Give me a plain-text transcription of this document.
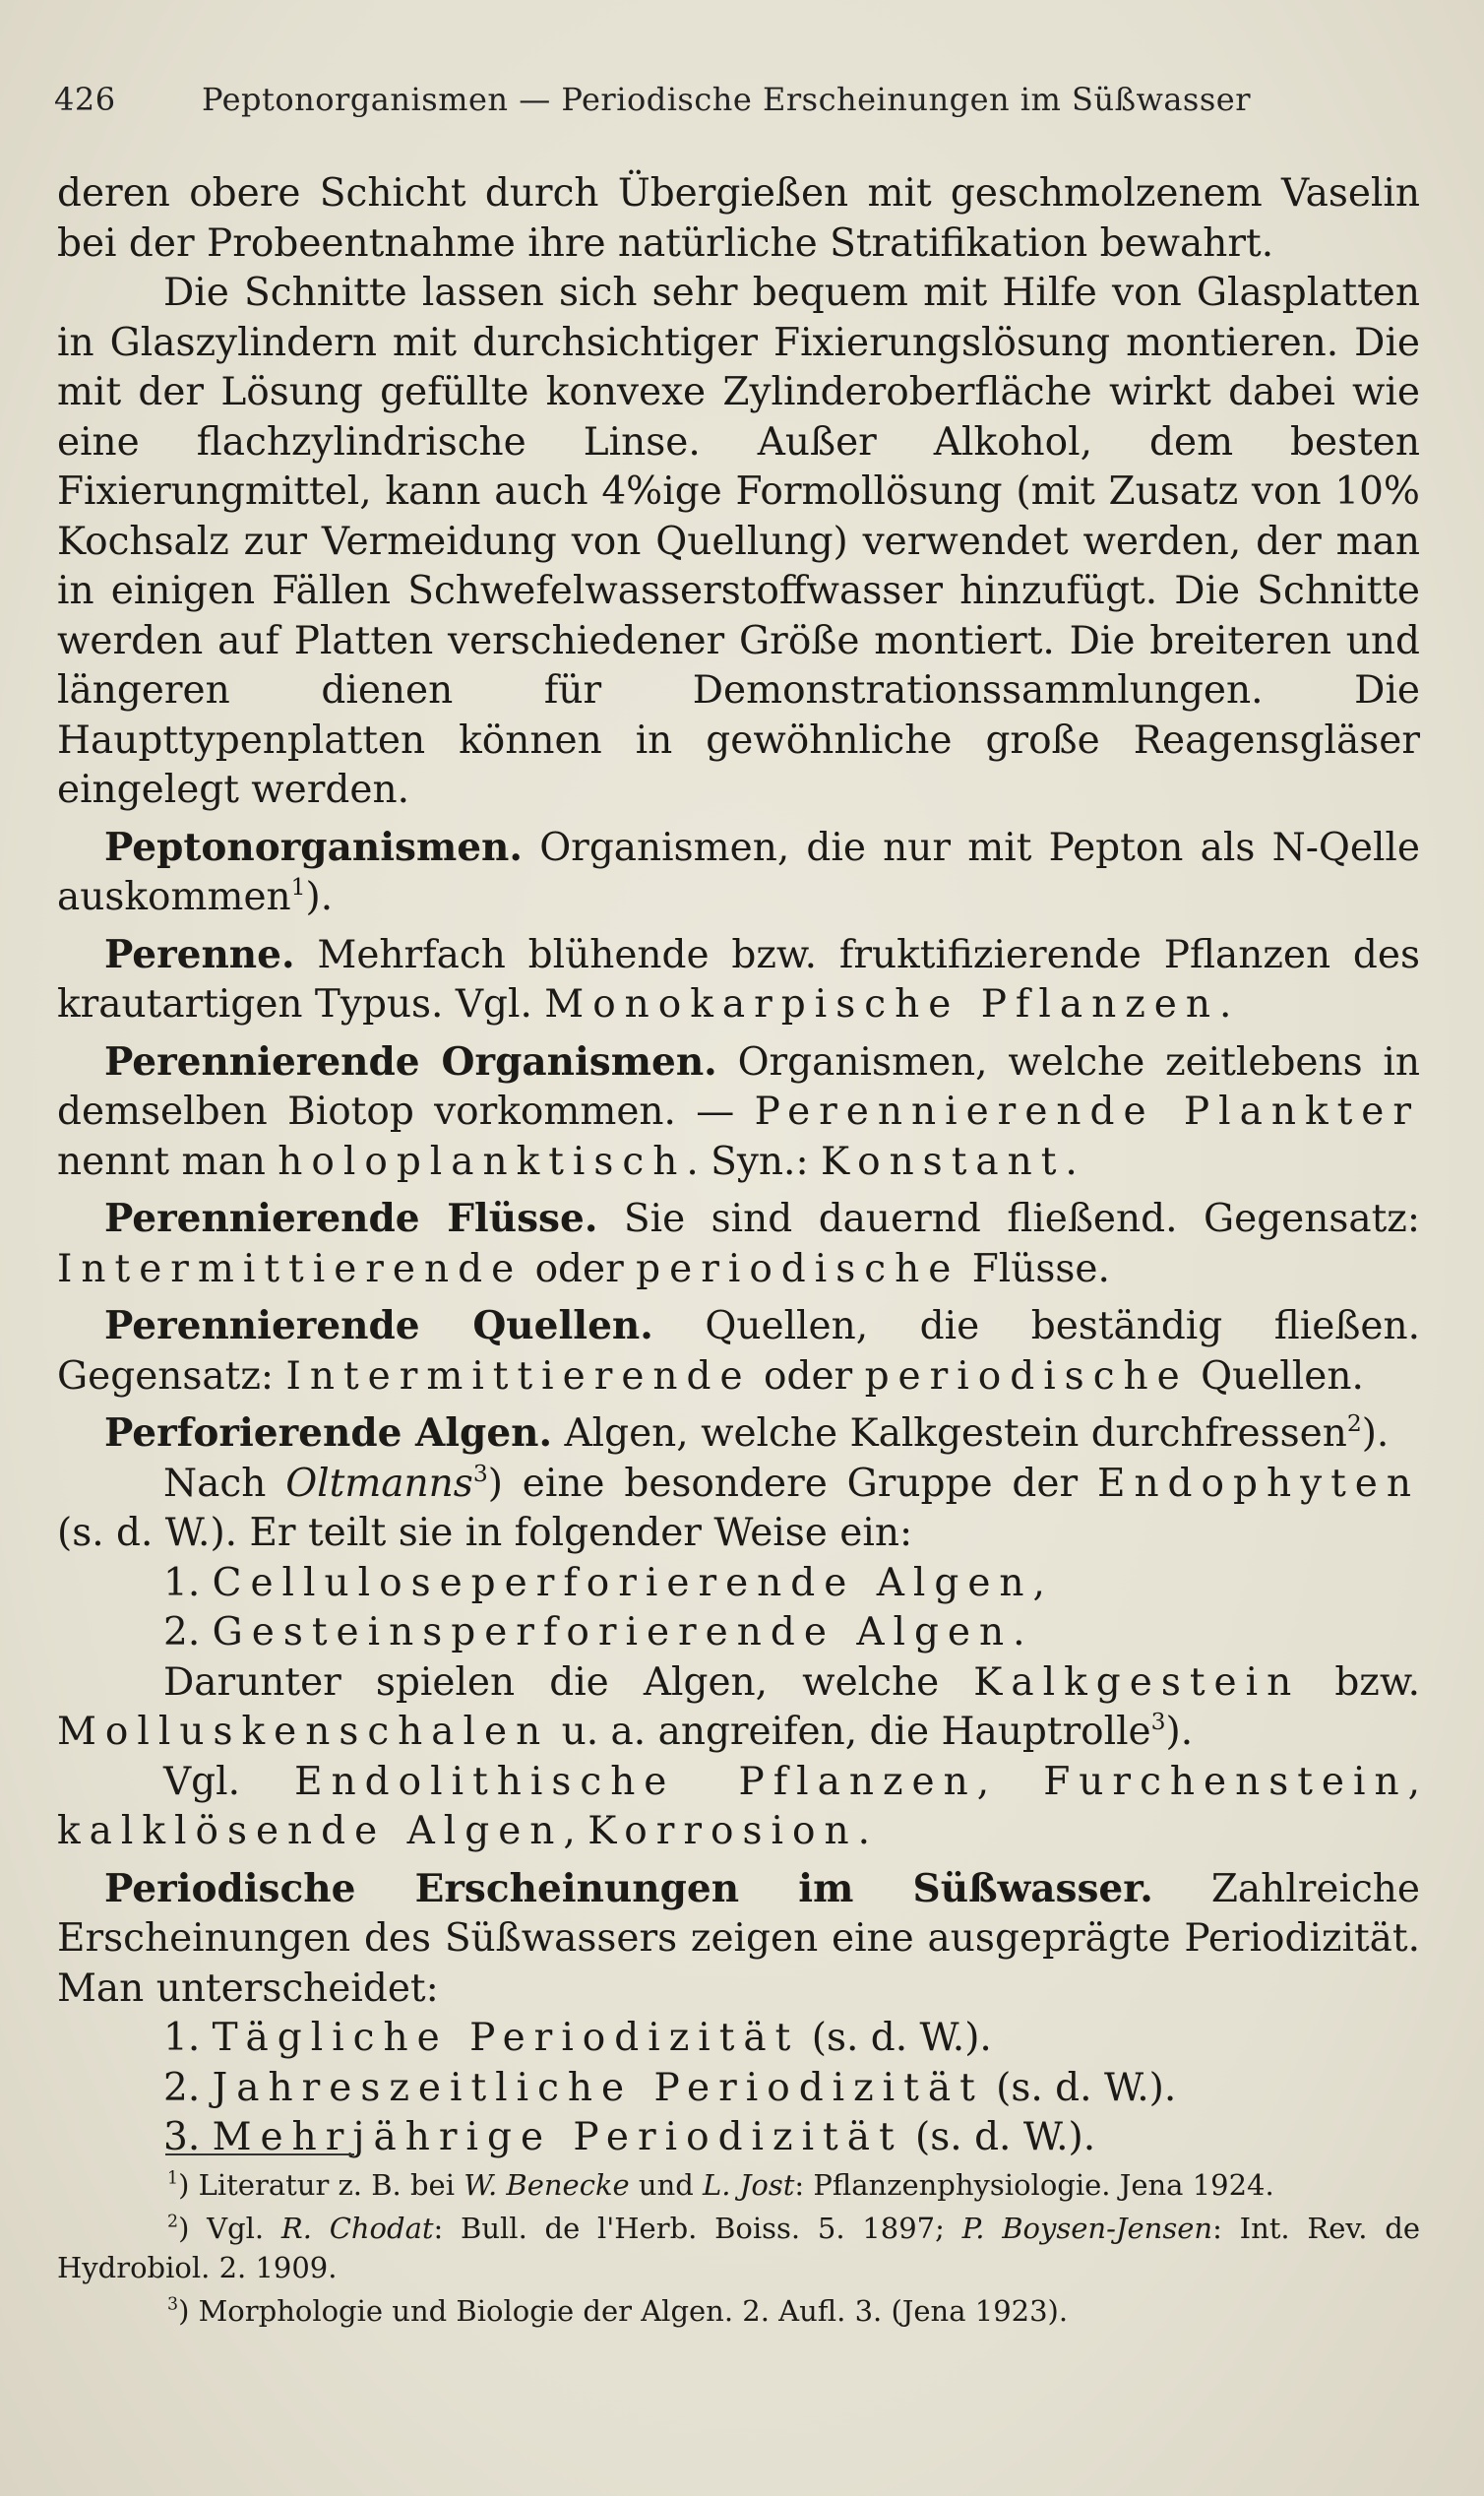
426	Peptonorganismen — Periodische Erscheinungen im Süßwasser

deren obere Schicht durch Übergießen mit geschmolzenem Vaselin bei der Probeentnahme ihre natürliche Stratifikation bewahrt.

Die Schnitte lassen sich sehr bequem mit Hilfe von Glasplatten in Glaszylindern mit durchsichtiger Fixierungslösung montieren. Die mit der Lösung gefüllte konvexe Zylinderoberfläche wirkt dabei wie eine flachzylindrische Linse. Außer Alkohol, dem besten Fixierungmittel, kann auch 4%ige Formollösung (mit Zusatz von 10% Kochsalz zur Vermeidung von Quellung) verwendet werden, der man in einigen Fällen Schwefelwasserstoffwasser hinzufügt. Die Schnitte werden auf Platten verschiedener Größe montiert. Die breiteren und längeren dienen für Demonstrationssammlungen. Die Haupttypenplatten können in gewöhnliche große Reagensgläser eingelegt werden.

Peptonorganismen. Organismen, die nur mit Pepton als N-Qelle auskommen$^1$).

Perenne. Mehrfach blühende bzw. fruktifizierende Pflanzen des krautartigen Typus. Vgl. Monokarpische Pflanzen.

Perennierende Organismen. Organismen, welche zeitlebens in demselben Biotop vorkommen. — Perennierende Plankter nennt man holoplanktisch. Syn.: Konstant.

Perennierende Flüsse. Sie sind dauernd fließend. Gegensatz: Intermittierende oder periodische Flüsse.

Perennierende Quellen. Quellen, die beständig fließen. Gegensatz: Intermittierende oder periodische Quellen.

Perforierende Algen. Algen, welche Kalkgestein durchfressen$^2$).

Nach Oltmanns$^3$) eine besondere Gruppe der Endophyten (s. d. W.). Er teilt sie in folgender Weise ein:

1. Celluloseperforierende Algen,
2. Gesteinsperforierende Algen.

Darunter spielen die Algen, welche Kalkgestein bzw. Molluskenschalen u. a. angreifen, die Hauptrolle$^3$).

Vgl. Endolithische Pflanzen, Furchenstein, kalklösende Algen, Korrosion.

Periodische Erscheinungen im Süßwasser. Zahlreiche Erscheinungen des Süßwassers zeigen eine ausgeprägte Periodizität. Man unterscheidet:

1. Tägliche Periodizität (s. d. W.).
2. Jahreszeitliche Periodizität (s. d. W.).
3. Mehrjährige Periodizität (s. d. W.).

$^1$) Literatur z. B. bei W. Benecke und L. Jost: Pflanzenphysiologie. Jena 1924.

$^2$) Vgl. R. Chodat: Bull. de l'Herb. Boiss. 5. 1897; P. Boysen-Jensen: Int. Rev. de Hydrobiol. 2. 1909.

$^3$) Morphologie und Biologie der Algen. 2. Aufl. 3. (Jena 1923).
